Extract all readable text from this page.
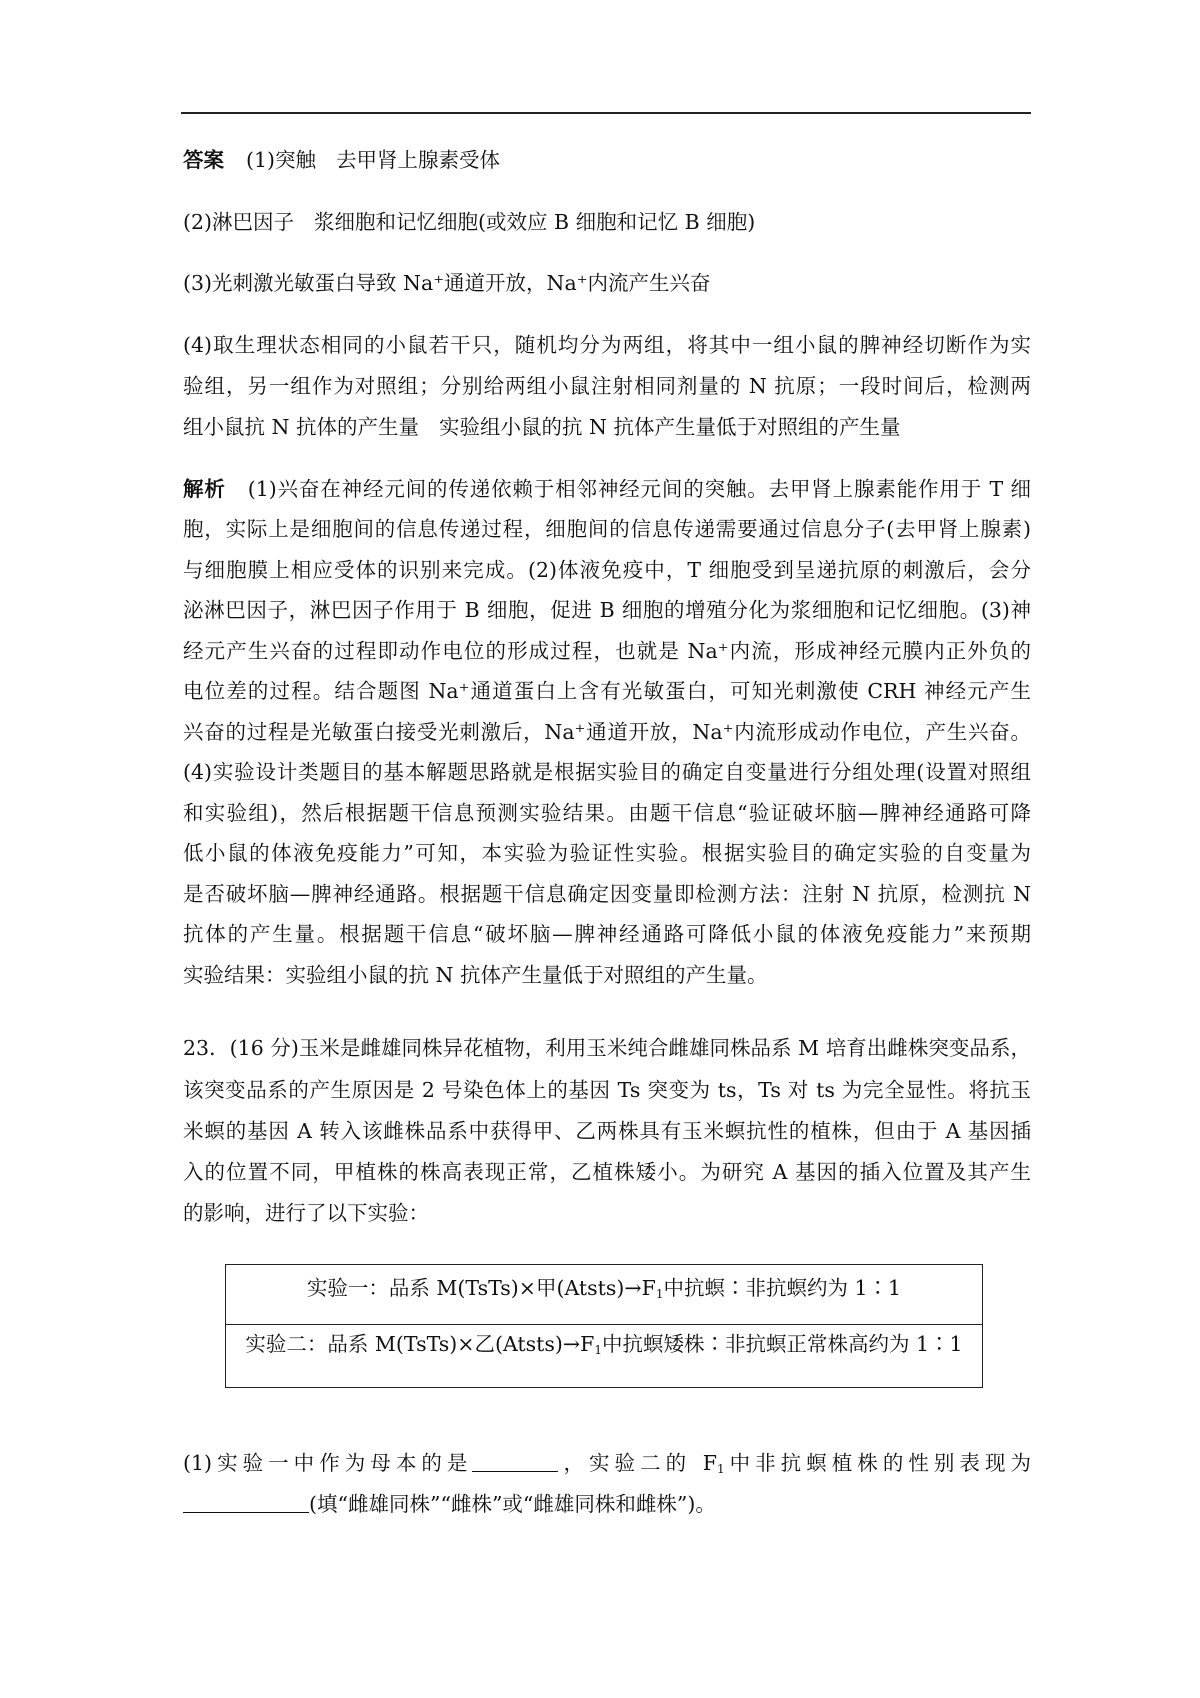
答案 (1)突触 去甲肾上腺素受体
(2)淋巴因子 浆细胞和记忆细胞(或效应 B 细胞和记忆 B 细胞)
(3)光刺激光敏蛋白导致 Na⁺通道开放，Na⁺内流产生兴奋
(4)取生理状态相同的小鼠若干只，随机均分为两组，将其中一组小鼠的脾神经切断作为实
验组，另一组作为对照组；分别给两组小鼠注射相同剂量的 N 抗原；一段时间后，检测两
组小鼠抗 N 抗体的产生量 实验组小鼠的抗 N 抗体产生量低于对照组的产生量
解析 (1)兴奋在神经元间的传递依赖于相邻神经元间的突触。去甲肾上腺素能作用于 T 细
胞，实际上是细胞间的信息传递过程，细胞间的信息传递需要通过信息分子(去甲肾上腺素)
与细胞膜上相应受体的识别来完成。(2)体液免疫中，T 细胞受到呈递抗原的刺激后，会分
泌淋巴因子，淋巴因子作用于 B 细胞，促进 B 细胞的增殖分化为浆细胞和记忆细胞。(3)神
经元产生兴奋的过程即动作电位的形成过程，也就是 Na⁺内流，形成神经元膜内正外负的
电位差的过程。结合题图 Na⁺通道蛋白上含有光敏蛋白，可知光刺激使 CRH 神经元产生
兴奋的过程是光敏蛋白接受光刺激后，Na⁺通道开放，Na⁺内流形成动作电位，产生兴奋。
(4)实验设计类题目的基本解题思路就是根据实验目的确定自变量进行分组处理(设置对照组
和实验组)，然后根据题干信息预测实验结果。由题干信息“验证破坏脑—脾神经通路可降
低小鼠的体液免疫能力”可知，本实验为验证性实验。根据实验目的确定实验的自变量为
是否破坏脑—脾神经通路。根据题干信息确定因变量即检测方法：注射 N 抗原，检测抗 N
抗体的产生量。根据题干信息“破坏脑—脾神经通路可降低小鼠的体液免疫能力”来预期
实验结果：实验组小鼠的抗 N 抗体产生量低于对照组的产生量。
23．(16 分)玉米是雌雄同株异花植物，利用玉米纯合雌雄同株品系 M 培育出雌株突变品系，
该突变品系的产生原因是 2 号染色体上的基因 Ts 突变为 ts，Ts 对 ts 为完全显性。将抗玉
米螟的基因 A 转入该雌株品系中获得甲、乙两株具有玉米螟抗性的植株，但由于 A 基因插
入的位置不同，甲植株的株高表现正常，乙植株矮小。为研究 A 基因的插入位置及其产生
的影响，进行了以下实验：
实验一：品系 M(TsTs)×甲$(Atsts)\to F_1$中抗螟∶非抗螟约为 1∶1
实验二：品系 M(TsTs)×乙$(Atsts)\to F_1$中抗螟矮株∶非抗螟正常株高约为 1∶1
(1)实验一中作为母本的是	，实验二的 $F_1$中非抗螟植株的性别表现为
(填“雌雄同株”“雌株”或“雌雄同株和雌株”)。
